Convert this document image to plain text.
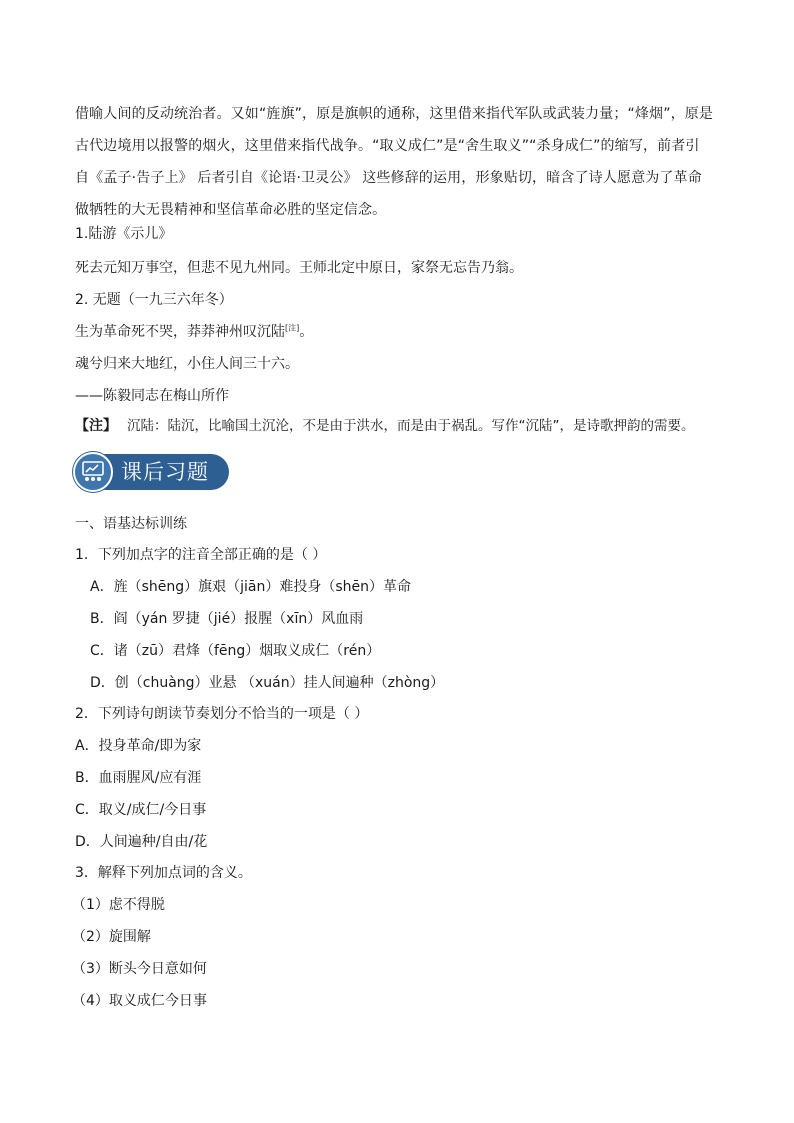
借喻人间的反动统治者。又如“旌旗”，原是旗帜的通称，这里借来指代军队或武装力量；“烽烟”，原是
古代边境用以报警的烟火，这里借来指代战争。“取义成仁”是“舍生取义”“杀身成仁”的缩写，前者引
自《孟子·告子上》 后者引自《论语·卫灵公》 这些修辞的运用，形象贴切，暗含了诗人愿意为了革命
做牺牲的大无畏精神和坚信革命必胜的坚定信念。
1.陆游《示儿》
死去元知万事空，但悲不见九州同。王师北定中原日，家祭无忘告乃翁。
2. 无题（一九三六年冬）
生为革命死不哭，莽莽神州叹沉陆[注]。
魂兮归来大地红，小住人间三十六。
——陈毅同志在梅山所作
【注】 沉陆：陆沉，比喻国土沉沦，不是由于洪水，而是由于祸乱。写作“沉陆”，是诗歌押韵的需要。
课后习题
一、语基达标训练
1．下列加点字的注音全部正确的是（ ）
A．旌（shēng）旗艰（jiān）难投身（shēn）革命
B．阎（yán 罗捷（jié）报腥（xīn）风血雨
C．诸（zū）君烽（fēng）烟取义成仁（rén）
D．创（chuàng）业悬 （xuán）挂人间遍种（zhòng）
2．下列诗句朗读节奏划分不恰当的一项是（ ）
A．投身革命/即为家
B．血雨腥风/应有涯
C．取义/成仁/今日事
D．人间遍种/自由/花
3．解释下列加点词的含义。
（1）虑不得脱
（2）旋围解
（3）断头今日意如何
（4）取义成仁今日事
